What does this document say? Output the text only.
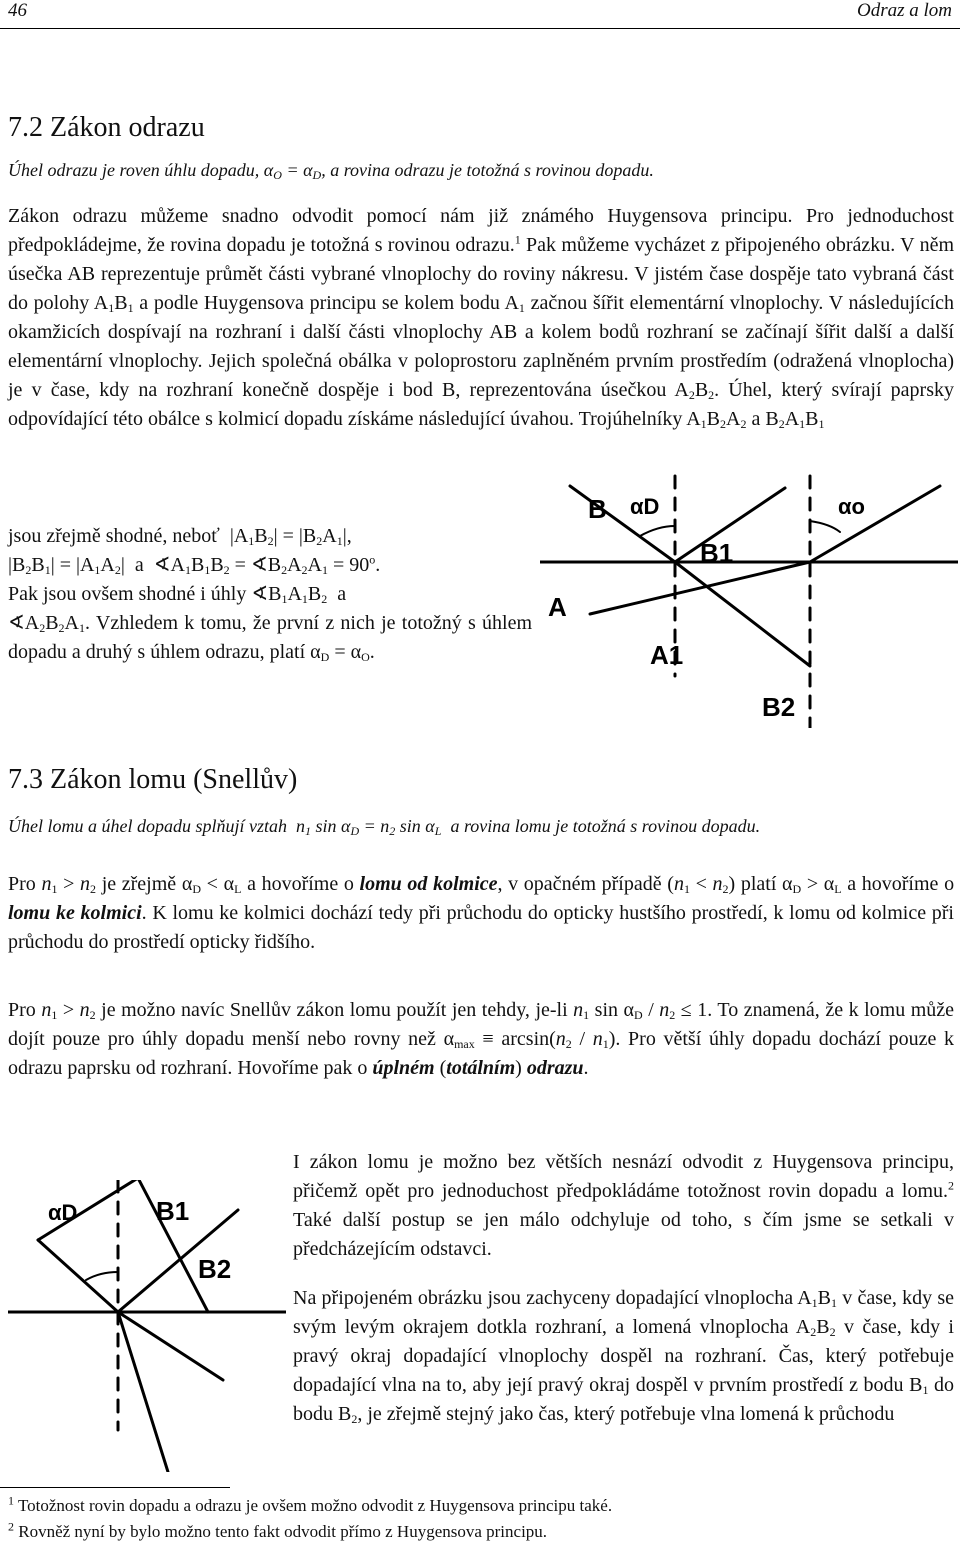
46	Odraz a lom
7.2 Zákon odrazu
Úhel odrazu je roven úhlu dopadu, $\alpha_O = \alpha_D$, a rovina odrazu je totožná s rovinou dopadu.
Zákon odrazu můžeme snadno odvodit pomocí nám již známého Huygensova principu. Pro jednoduchost předpokládejme, že rovina dopadu je totožná s rovinou odrazu.$^1$ Pak můžeme vycházet z připojeného obrázku. V něm úsečka AB reprezentuje průmět části vybrané vlnoplochy do roviny nákresu. V jistém čase dospěje tato vybraná část do polohy $A_1B_1$ a podle Huygensova principu se kolem bodu $A_1$ začnou šířit elementární vlnoplochy. V následujících okamžicích dospívají na rozhraní i další části vlnoplochy AB a kolem bodů rozhraní se začínají šířit další a další elementární vlnoplochy. Jejich společná obálka v poloprostoru zaplněném prvním prostředím (odražená vlnoplocha) je v čase, kdy na rozhraní konečně dospěje i bod B, reprezentována úsečkou $A_2B_2$. Úhel, který svírají paprsky odpovídající této obálce s kolmicí dopadu získáme následující úvahou. Trojúhelníky $A_1B_2A_2$ a $B_2A_1B_1$
jsou zřejmě shodné, neboť  $|A_1B_2| = |B_2A_1|$,
$|B_2B_1| = |A_1A_2|$  a  $∢A_1B_1B_2$ = $∢B_2A_2A_1 = 90^o$.
Pak jsou ovšem shodné i úhly $∢B_1A_1B_2$ a
$∢A_2B_2A_1$. Vzhledem k tomu, že první z nich je totožný s úhlem dopadu a druhý s úhlem odrazu, platí $\alpha_D = \alpha_O$.
B
A
B1
A1
B2
αD	αo
7.3 Zákon lomu (Snellův)
Úhel lomu a úhel dopadu splňují vztah  $n_1$ $\sin \alpha_D = n_2$ $\sin \alpha_L$ a rovina lomu je totožná s rovinou dopadu.
Pro $n_1 > n_2$ je zřejmě $\alpha_D < \alpha_L$ a hovoříme o lomu od kolmice, v opačném případě $(n_1 < n_2)$ platí $\alpha_D > \alpha_L$ a hovoříme o lomu ke kolmici. K lomu ke kolmici dochází tedy při průchodu do opticky hustšího prostředí, k lomu od kolmice při průchodu do prostředí opticky řidšího.
Pro $n_1 > n_2$ je možno navíc Snellův zákon lomu použít jen tehdy, je-li $n_1$ $\sin \alpha_D / n_2 \le 1$. To znamená, že k lomu může dojít pouze pro úhly dopadu menší nebo rovny než $\alpha_{max} \equiv \arcsin(n_2 / n_1)$. Pro větší úhly dopadu dochází pouze k odrazu paprsku od rozhraní. Hovoříme pak o úplném (totálním) odrazu.
I zákon lomu je možno bez větších nesnází odvodit z Huygensova principu, přičemž opět pro jednoduchost předpokládáme totožnost rovin dopadu a lomu.$^2$ Také další postup se jen málo odchyluje od toho, s čím jsme se setkali v předcházejícím odstavci.
Na připojeném obrázku jsou zachyceny dopadající vlnoplocha $A_1B_1$ v čase, kdy se svým levým okrajem dotkla rozhraní, a lomená vlnoplocha $A_2B_2$ v čase, kdy i pravý okraj dopadající vlnoplochy dospěl na rozhraní. Čas, který potřebuje dopadající vlna na to, aby její pravý okraj dospěl v prvním prostředí z bodu $B_1$ do bodu $B_2$, je zřejmě stejný jako čas, který potřebuje vlna lomená k průchodu
αD	B1
B2
$^1$ Totožnost rovin dopadu a odrazu je ovšem možno odvodit z Huygensova principu také.
$^2$ Rovněž nyní by bylo možno tento fakt odvodit přímo z Huygensova principu.
